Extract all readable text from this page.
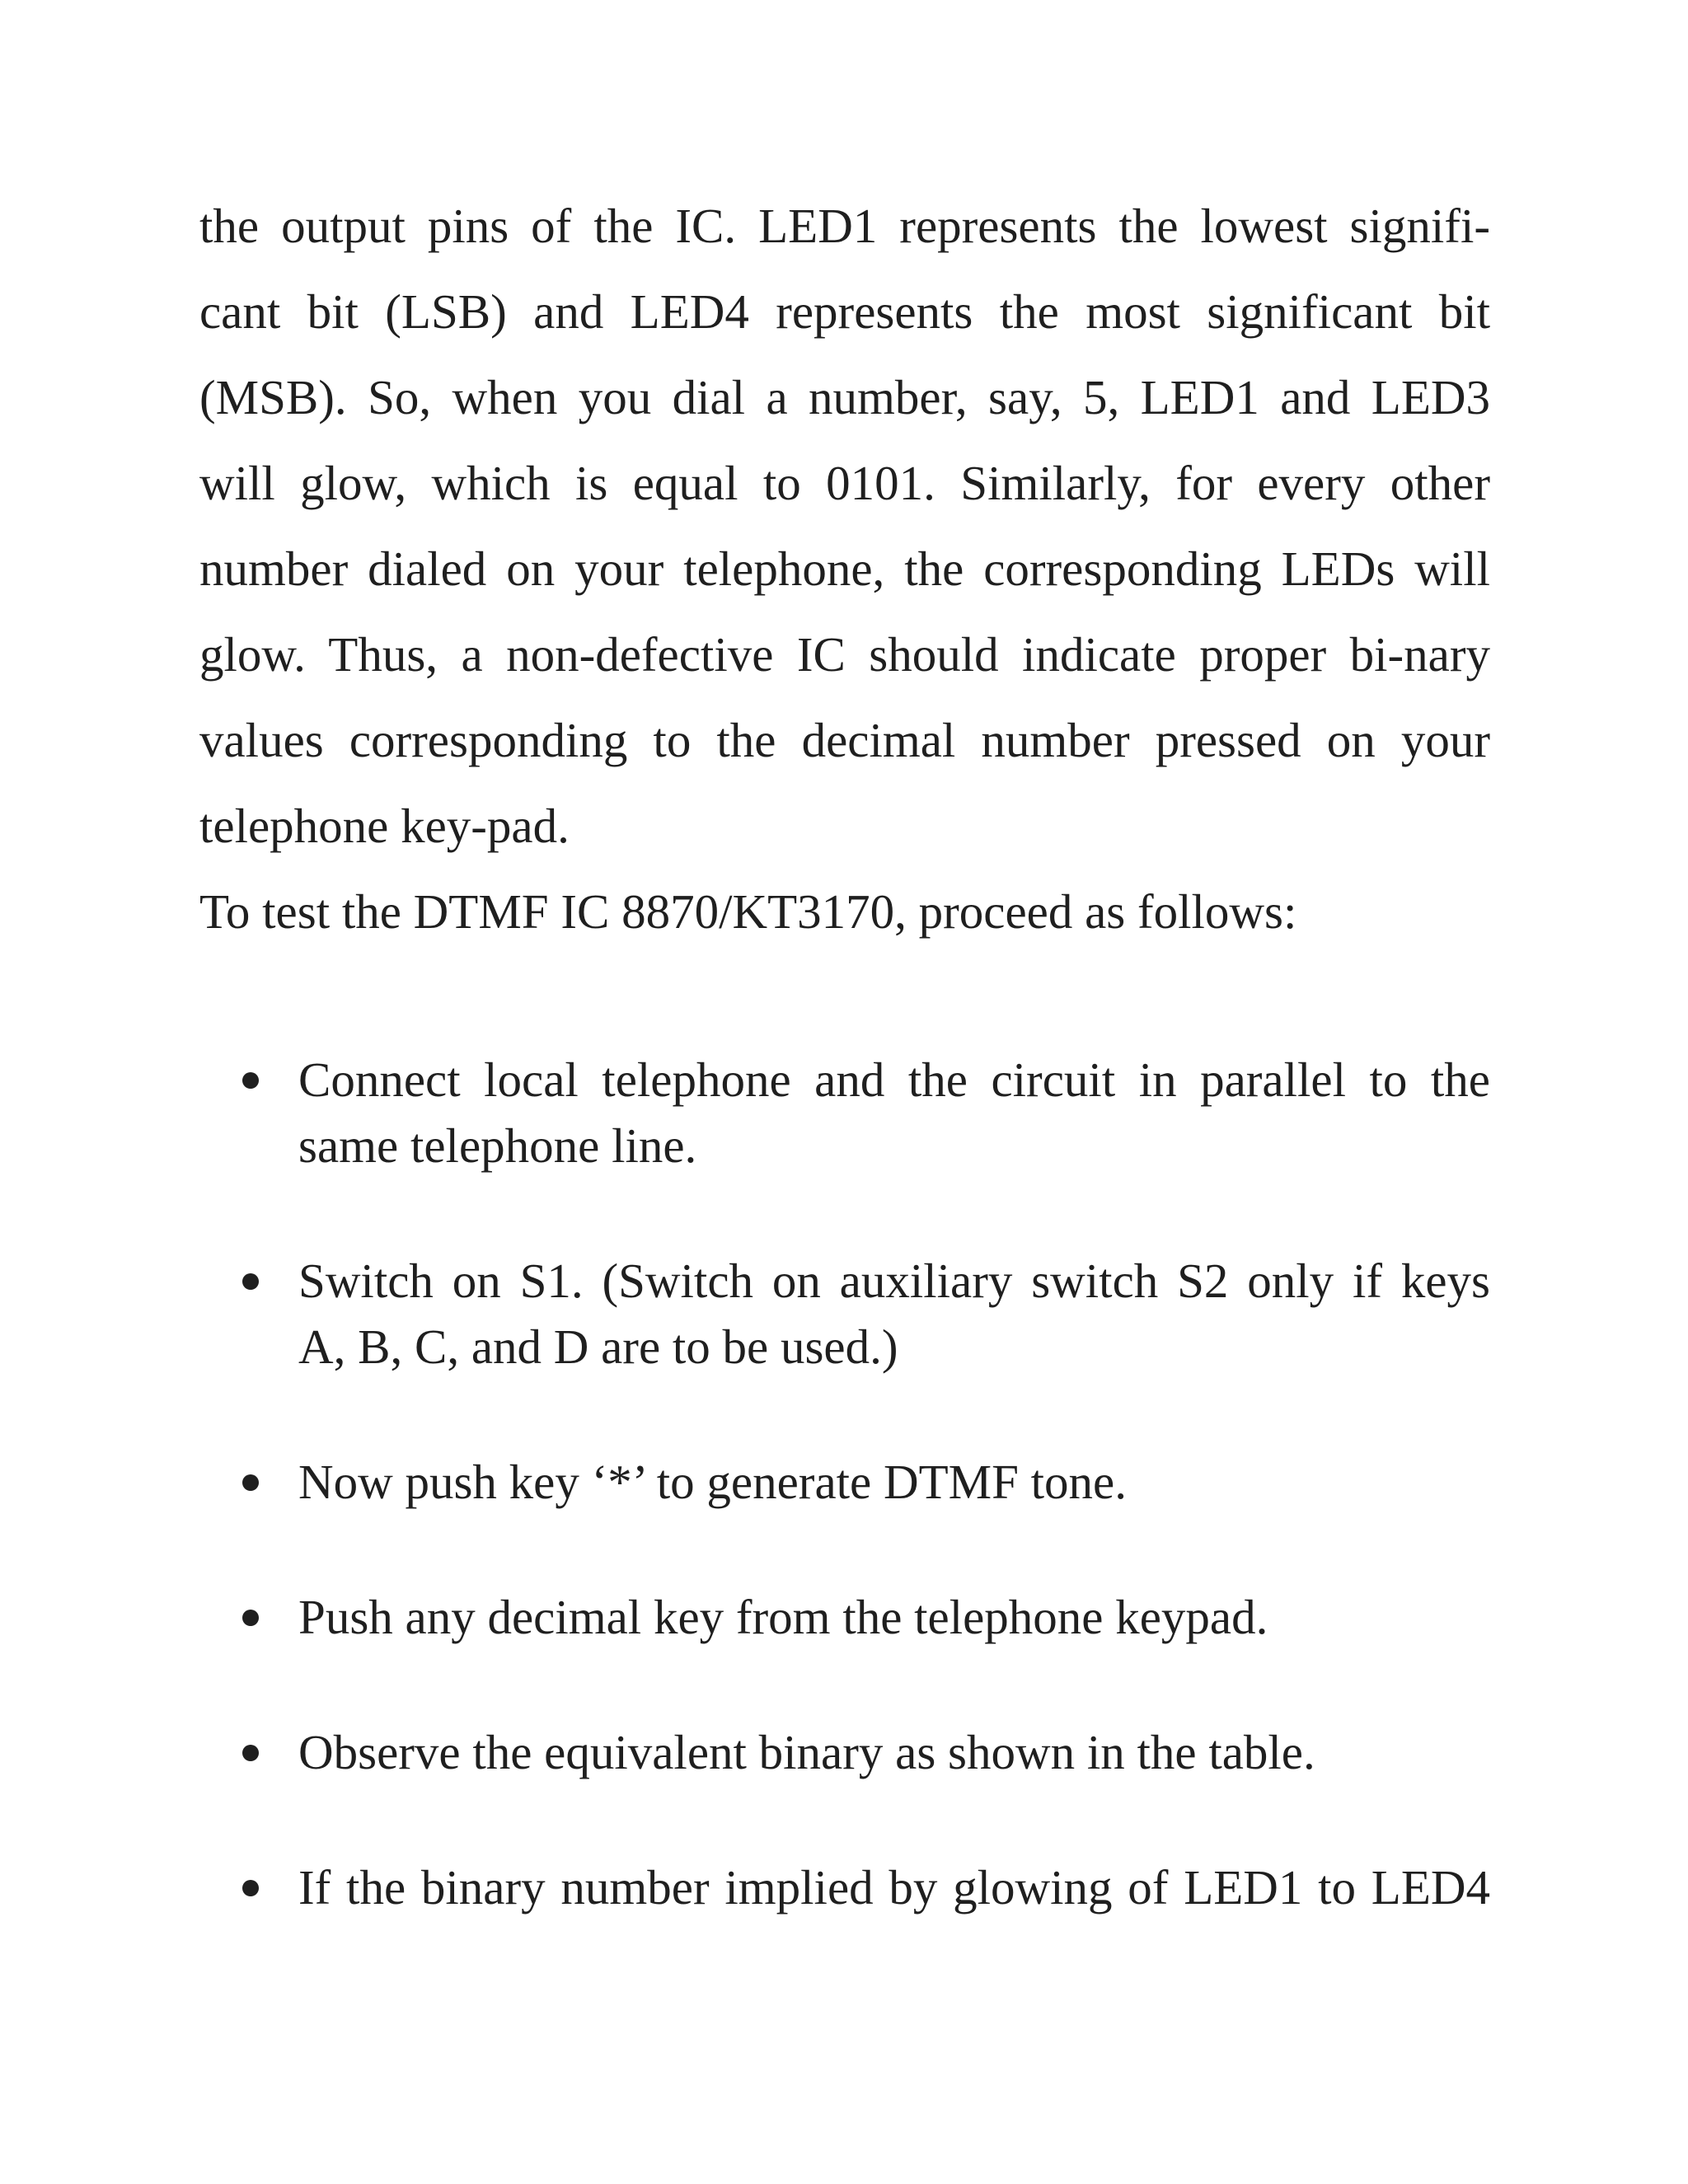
the output pins of the IC. LED1 represents the lowest signifi-
cant bit (LSB) and LED4 represents the most significant bit
(MSB). So, when you dial a number, say, 5, LED1 and LED3
will glow, which is equal to 0101. Similarly, for every other
number dialed on your telephone, the corresponding LEDs will
glow. Thus, a non-defective IC should indicate proper bi-nary
values corresponding to the decimal number pressed on your
telephone key-pad.
To test the DTMF IC 8870/KT3170, proceed as follows:
Connect local telephone and the circuit in parallel to the
same telephone line.
Switch on S1. (Switch on auxiliary switch S2 only if keys
A, B, C, and D are to be used.)
Now push key ‘*’ to generate DTMF tone.
Push any decimal key from the telephone keypad.
Observe the equivalent binary as shown in the table.
If the binary number implied by glowing of LED1 to LED4
